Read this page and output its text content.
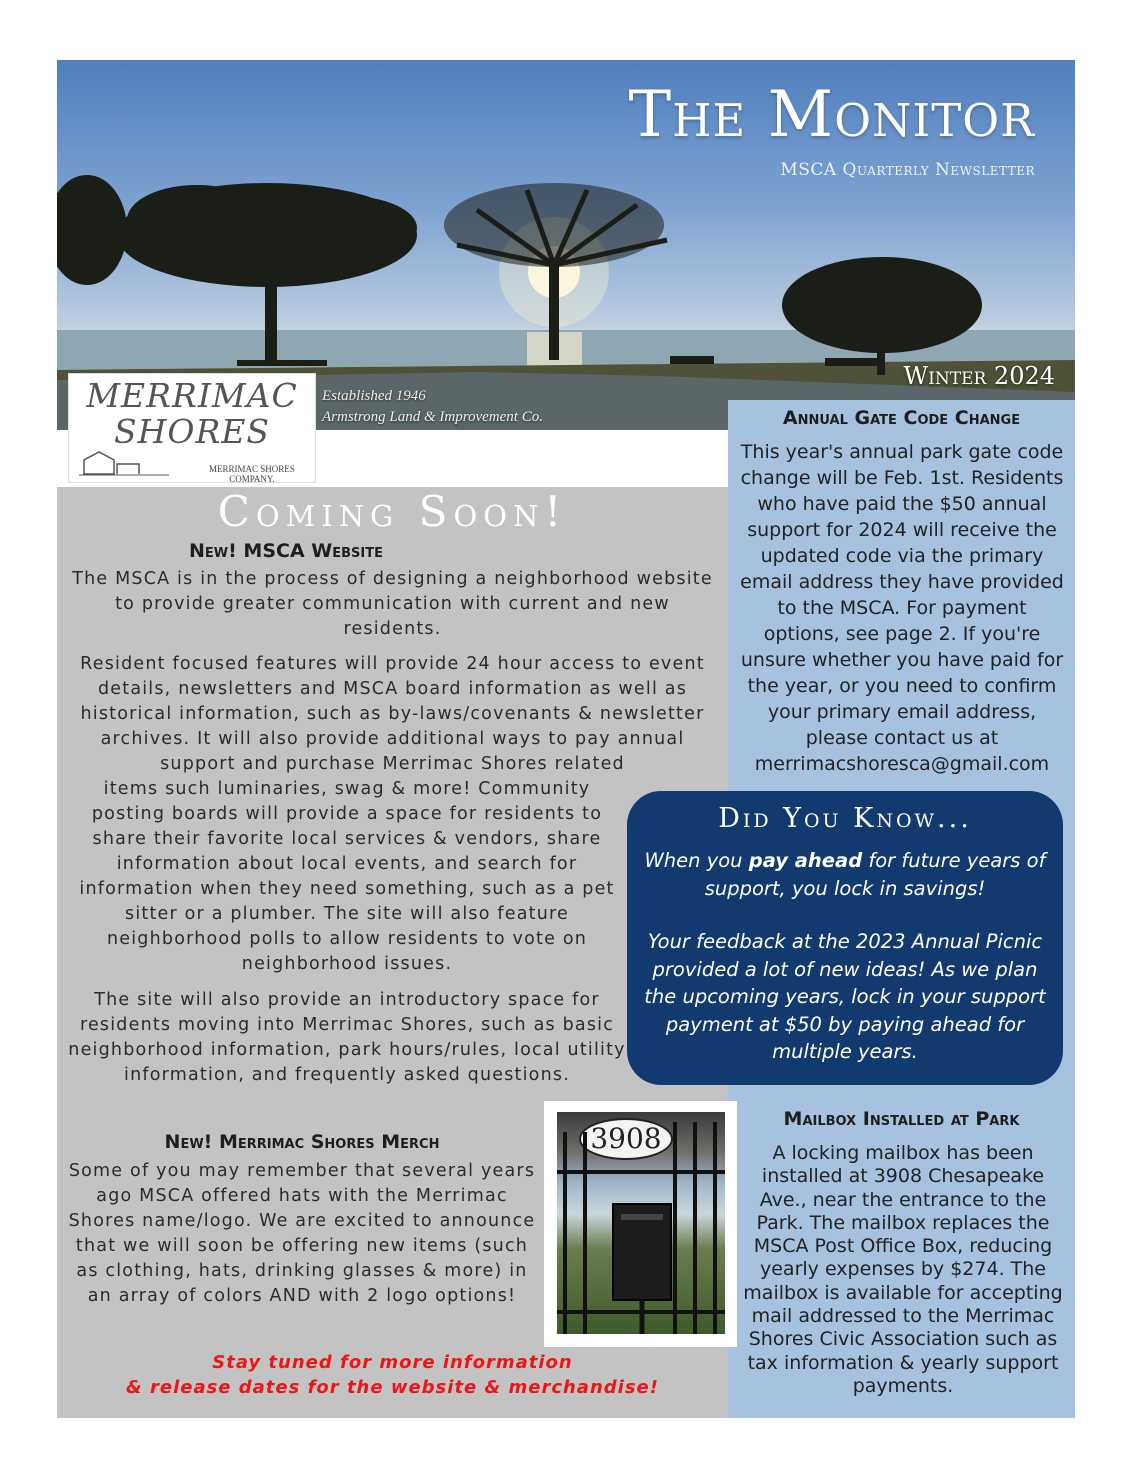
The Monitor
MSCA Quarterly Newsletter
Winter 2024
Established 1946
Armstrong Land & Improvement Co.
MERRIMAC
SHORES
MERRIMAC SHORES
COMPANY.
Coming Soon!
New! MSCA Website
The MSCA is in the process of designing a neighborhood website to provide greater communication with current and new residents.
Resident focused features will provide 24 hour access to event details, newsletters and MSCA board information as well as historical information, such as by-laws/covenants & newsletter archives. It will also provide additional ways to pay annual support and purchase Merrimac Shores related
items such luminaries, swag & more! Community posting boards will provide a space for residents to share their favorite local services & vendors, share information about local events, and search for information when they need something, such as a pet sitter or a plumber. The site will also feature neighborhood polls to allow residents to vote on neighborhood issues.
The site will also provide an introductory space for residents moving into Merrimac Shores, such as basic neighborhood information, park hours/rules, local utility information, and frequently asked questions.
New! Merrimac Shores Merch
Some of you may remember that several years ago MSCA offered hats with the Merrimac Shores name/logo. We are excited to announce that we will soon be offering new items (such as clothing, hats, drinking glasses & more) in an array of colors AND with 2 logo options!
Stay tuned for more information
& release dates for the website & merchandise!
3908
Annual Gate Code Change
This year's annual park gate code change will be Feb. 1st. Residents who have paid the $50 annual support for 2024 will receive the updated code via the primary email address they have provided to the MSCA. For payment options, see page 2. If you're unsure whether you have paid for the year, or you need to confirm your primary email address, please contact us at merrimacshoresca@gmail.com
Did You Know...
When you pay ahead for future years of support, you lock in savings!
Your feedback at the 2023 Annual Picnic provided a lot of new ideas! As we plan the upcoming years, lock in your support payment at $50 by paying ahead for multiple years.
Mailbox Installed at Park
A locking mailbox has been installed at 3908 Chesapeake Ave., near the entrance to the Park. The mailbox replaces the MSCA Post Office Box, reducing yearly expenses by $274. The mailbox is available for accepting mail addressed to the Merrimac Shores Civic Association such as tax information & yearly support payments.
